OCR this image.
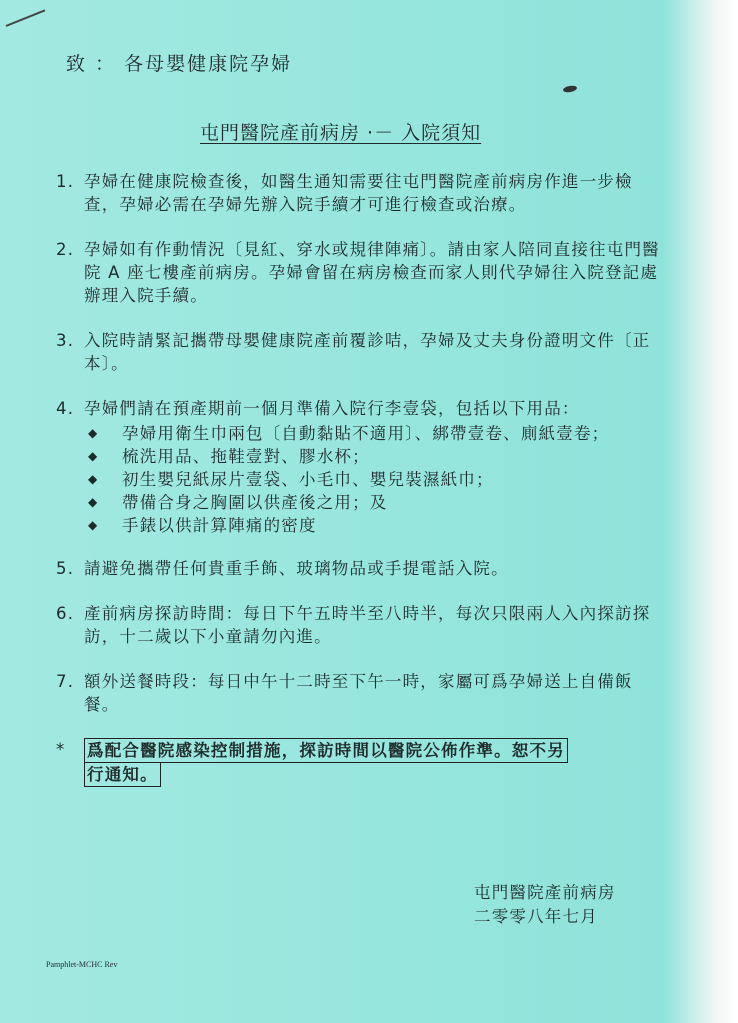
致 ： 各母嬰健康院孕婦
屯門醫院產前病房 ·－ 入院須知
1. 孕婦在健康院檢查後，如醫生通知需要往屯門醫院產前病房作進一步檢查，孕婦必需在孕婦先辦入院手續才可進行檢查或治療。
2. 孕婦如有作動情況〔見紅、穿水或規律陣痛〕。請由家人陪同直接往屯門醫院 A 座七樓產前病房。孕婦會留在病房檢查而家人則代孕婦往入院登記處辦理入院手續。
3. 入院時請緊記攜帶母嬰健康院產前覆診咭，孕婦及丈夫身份證明文件〔正本〕。
4. 孕婦們請在預產期前一個月準備入院行李壹袋，包括以下用品：
◆	孕婦用衛生巾兩包〔自動黏貼不適用〕、綁帶壹卷、廁紙壹卷；
◆	梳洗用品、拖鞋壹對、膠水杯；
◆	初生嬰兒紙尿片壹袋、小毛巾、嬰兒裝濕紙巾；
◆	帶備合身之胸圍以供產後之用；及
◆	手錶以供計算陣痛的密度
5. 請避免攜帶任何貴重手飾、玻璃物品或手提電話入院。
6. 產前病房探訪時間：每日下午五時半至八時半，每次只限兩人入內探訪探訪，十二歲以下小童請勿內進。
7. 額外送餐時段：每日中午十二時至下午一時，家屬可爲孕婦送上自備飯餐。
*	爲配合醫院感染控制措施，探訪時間以醫院公佈作準。恕不另
行通知。
屯門醫院產前病房
二零零八年七月
Pamphlet-MCHC Rev
